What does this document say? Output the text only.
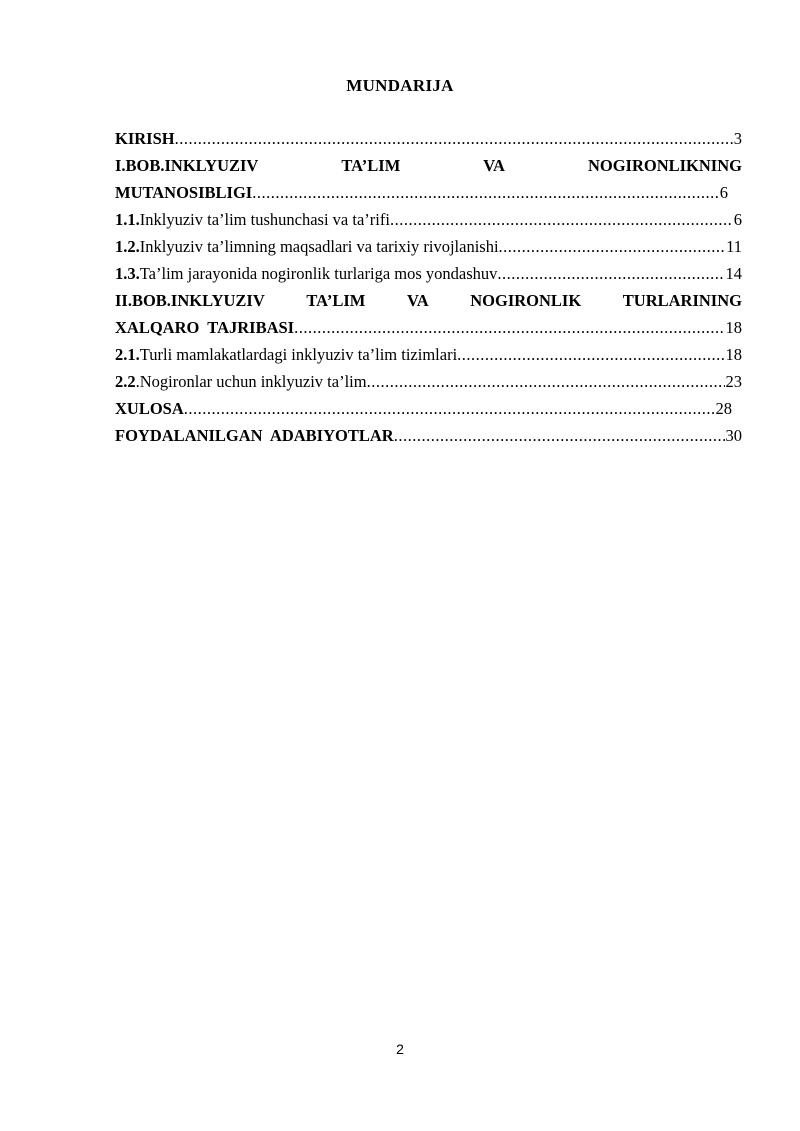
MUNDARIJA
KIRISH .....	3
I.BOB.INKLYUZIV	TA’LIM	VA	NOGIRONLIKNING
MUTANOSIBLIGI .....	6
1.1.Inklyuziv ta’lim tushunchasi va ta’rifi .....	6
1.2.Inklyuziv ta’limning maqsadlari va tarixiy rivojlanishi .....	11
1.3.Ta’lim jarayonida nogironlik turlariga mos yondashuv .....	14
II.BOB.INKLYUZIV	TA’LIM	VA	NOGIRONLIK	TURLARINING
XALQARO  TAJRIBASI .....	18
2.1.Turli mamlakatlardagi inklyuziv ta’lim tizimlari .....	18
2.2.Nogironlar uchun inklyuziv ta’lim .....	23
XULOSA .....	28
FOYDALANILGAN  ADABIYOTLAR .....	30
2
